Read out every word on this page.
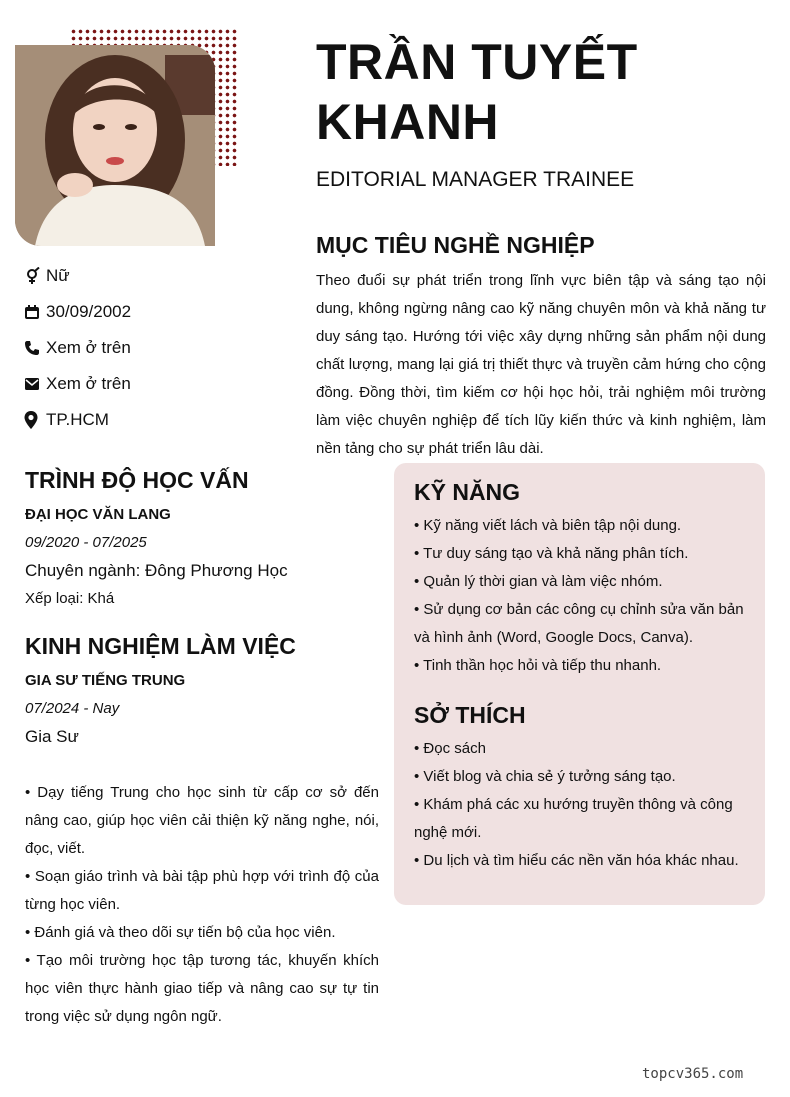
Nữ
30/09/2002
Xem ở trên
Xem ở trên
TP.HCM
TRẦN TUYẾT KHANH
EDITORIAL MANAGER TRAINEE
MỤC TIÊU NGHỀ NGHIỆP
Theo đuổi sự phát triển trong lĩnh vực biên tập và sáng tạo nội dung, không ngừng nâng cao kỹ năng chuyên môn và khả năng tư duy sáng tạo. Hướng tới việc xây dựng những sản phẩm nội dung chất lượng, mang lại giá trị thiết thực và truyền cảm hứng cho cộng đồng. Đồng thời, tìm kiếm cơ hội học hỏi, trải nghiệm môi trường làm việc chuyên nghiệp để tích lũy kiến thức và kinh nghiệm, làm nền tảng cho sự phát triển lâu dài.
TRÌNH ĐỘ HỌC VẤN
ĐẠI HỌC VĂN LANG
09/2020 - 07/2025
Chuyên ngành: Đông Phương Học
Xếp loại: Khá
KINH NGHIỆM LÀM VIỆC
GIA SƯ TIẾNG TRUNG
07/2024 - Nay
Gia Sư
• Dạy tiếng Trung cho học sinh từ cấp cơ sở đến nâng cao, giúp học viên cải thiện kỹ năng nghe, nói, đọc, viết.
• Soạn giáo trình và bài tập phù hợp với trình độ của từng học viên.
• Đánh giá và theo dõi sự tiến bộ của học viên.
• Tạo môi trường học tập tương tác, khuyến khích học viên thực hành giao tiếp và nâng cao sự tự tin trong việc sử dụng ngôn ngữ.
KỸ NĂNG
• Kỹ năng viết lách và biên tập nội dung.
• Tư duy sáng tạo và khả năng phân tích.
• Quản lý thời gian và làm việc nhóm.
• Sử dụng cơ bản các công cụ chỉnh sửa văn bản và hình ảnh (Word, Google Docs, Canva).
• Tinh thần học hỏi và tiếp thu nhanh.
SỞ THÍCH
• Đọc sách
• Viết blog và chia sẻ ý tưởng sáng tạo.
• Khám phá các xu hướng truyền thông và công nghệ mới.
• Du lịch và tìm hiểu các nền văn hóa khác nhau.
topcv365.com
